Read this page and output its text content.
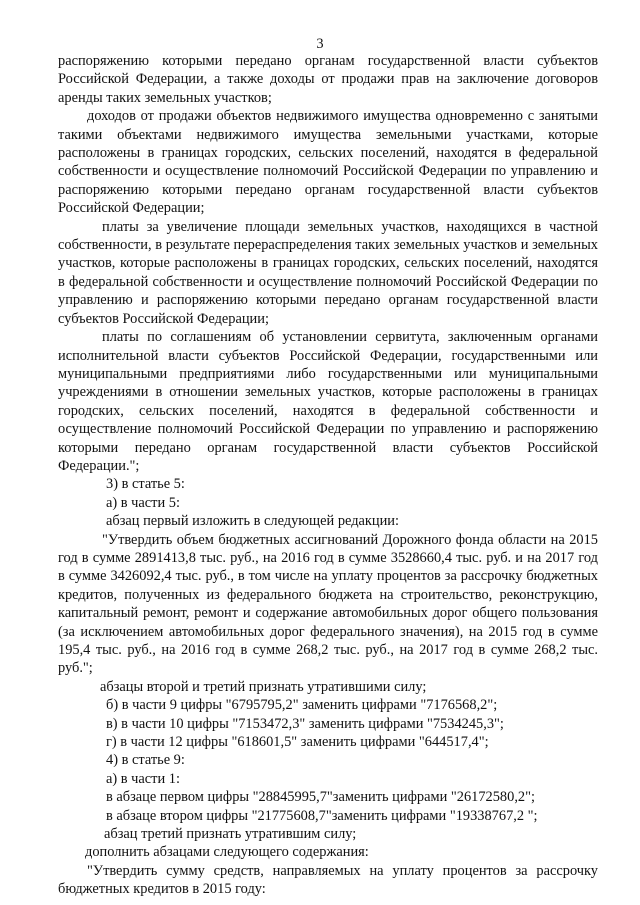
3

распоряжению которыми передано органам государственной власти субъектов Российской Федерации, а также доходы от продажи прав на заключение договоров аренды таких земельных участков;

доходов от продажи объектов недвижимого имущества одновременно с занятыми такими объектами недвижимого имущества земельными участками, которые расположены в границах городских, сельских поселений, находятся в федеральной собственности и осуществление полномочий Российской Федерации по управлению и распоряжению которыми передано органам государственной власти субъектов Российской Федерации;

платы за увеличение площади земельных участков, находящихся в частной собственности, в результате перераспределения таких земельных участков и земельных участков, которые расположены в границах городских, сельских поселений, находятся в федеральной собственности и осуществление полномочий Российской Федерации по управлению и распоряжению которыми передано органам государственной власти субъектов Российской Федерации;

платы по соглашениям об установлении сервитута, заключенным органами исполнительной власти субъектов Российской Федерации, государственными или муниципальными предприятиями либо государственными или муниципальными учреждениями в отношении земельных участков, которые расположены в границах городских, сельских поселений, находятся в федеральной собственности и осуществление полномочий Российской Федерации по управлению и распоряжению которыми передано органам государственной власти субъектов Российской Федерации.";

3) в статье 5:

а) в части 5:

абзац первый изложить в следующей редакции:

"Утвердить объем бюджетных ассигнований Дорожного фонда области на 2015 год в сумме 2891413,8 тыс. руб., на 2016 год в сумме 3528660,4 тыс. руб. и на 2017 год в сумме 3426092,4 тыс. руб., в том числе на уплату процентов за рассрочку бюджетных кредитов, полученных из федерального бюджета на строительство, реконструкцию, капитальный ремонт, ремонт и содержание автомобильных дорог общего пользования (за исключением автомобильных дорог федерального значения), на 2015 год в сумме 195,4 тыс. руб., на 2016 год в сумме 268,2 тыс. руб., на 2017 год в сумме 268,2 тыс. руб.";

абзацы второй и третий признать утратившими силу;

б) в части 9 цифры "6795795,2" заменить цифрами "7176568,2";

в) в части 10 цифры "7153472,3" заменить цифрами "7534245,3";

г) в части 12 цифры "618601,5" заменить цифрами "644517,4";

4) в статье 9:

а) в части 1:

в абзаце первом цифры "28845995,7"заменить цифрами "26172580,2";

в абзаце втором цифры "21775608,7"заменить цифрами "19338767,2 ";

абзац третий признать утратившим силу;

дополнить абзацами следующего содержания:

"Утвердить сумму средств, направляемых на уплату процентов за рассрочку бюджетных кредитов в 2015 году:
